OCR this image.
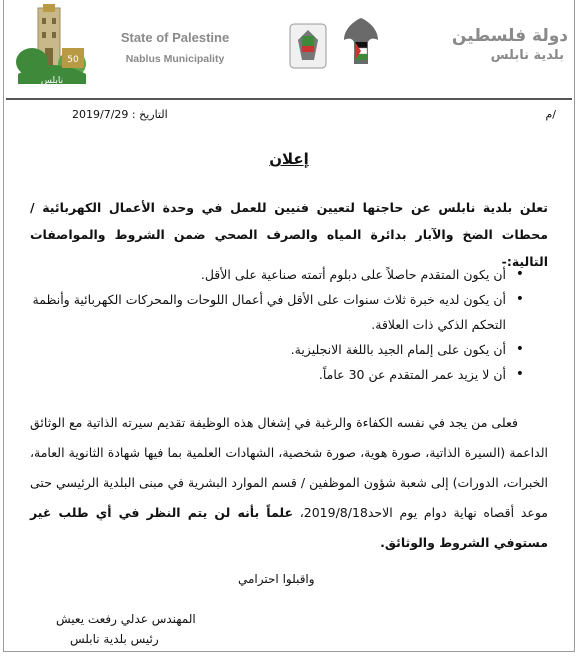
50
نابلس
State of Palestine
Nablus Municipality
دولة فلسطين
بلدية نابلس
م/
التاريخ : 2019/7/29
إعلان
تعلن بلدية نابلس عن حاجتها لتعيين فنيين للعمل في وحدة الأعمال الكهربائية / محطات الضخ والآبار بدائرة المياه والصرف الصحي ضمن الشروط والمواصفات التالية:-
• أن يكون المتقدم حاصلاً على دبلوم أتمته صناعية على الأقل.
• أن يكون لديه خبرة ثلاث سنوات على الأقل في أعمال اللوحات والمحركات الكهربائية وأنظمة التحكم الذكي ذات العلاقة.
• أن يكون على إلمام الجيد باللغة الانجليزية.
• أن لا يزيد عمر المتقدم عن 30 عاماً.
فعلى من يجد في نفسه الكفاءة والرغبة في إشغال هذه الوظيفة تقديم سيرته الذاتية مع الوثائق الداعمة (السيرة الذاتية، صورة هوية، صورة شخصية، الشهادات العلمية بما فيها شهادة الثانوية العامة، الخبرات، الدورات) إلى شعبة شؤون الموظفين / قسم الموارد البشرية في مبنى البلدية الرئيسي حتى موعد أقصاه نهاية دوام يوم الاحد2019/8/18، علماً بأنه لن يتم النظر في أي طلب غير مستوفي الشروط والوثائق.
واقبلوا احترامي
المهندس عدلي رفعت يعيش
رئيس بلدية نابلس
